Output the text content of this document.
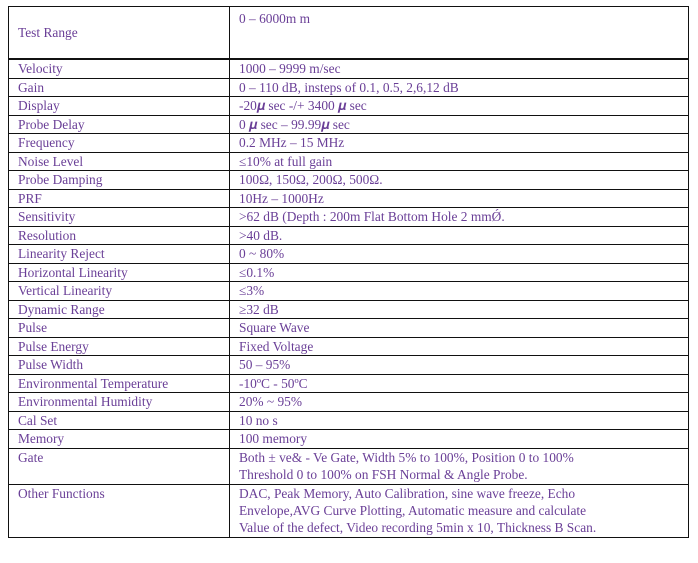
Test Range	0 – 6000m m

Velocity	1000 – 9999 m/sec

Gain	0 – 110 dB, insteps of 0.1, 0.5, 2,6,12 dB

Display	-20𝝁 sec -/+ 3400 𝝁 sec

Probe Delay	0 𝝁 sec – 99.99𝝁 sec

Frequency	0.2 MHz – 15 MHz

Noise Level	≤10% at full gain

Probe Damping	100Ω, 150Ω, 200Ω, 500Ω.

PRF	10Hz – 1000Hz

Sensitivity	>62 dB (Depth : 200m Flat Bottom Hole 2 mmǾ.

Resolution	>40 dB.

Linearity Reject	0 ~ 80%

Horizontal Linearity	≤0.1%

Vertical Linearity	≤3%

Dynamic Range	≥32 dB

Pulse	Square Wave

Pulse Energy	Fixed Voltage

Pulse Width	50 – 95%

Environmental Temperature	-10ºC - 50ºC

Environmental Humidity	20% ~ 95%

Cal Set	10 no s

Memory	100 memory

Gate	Both ± ve& - Ve Gate, Width 5% to 100%, Position 0 to 100%
Threshold 0 to 100% on FSH Normal & Angle Probe.

Other Functions	DAC, Peak Memory, Auto Calibration, sine wave freeze, Echo
Envelope,AVG Curve Plotting, Automatic measure and calculate
Value of the defect, Video recording 5min x 10, Thickness B Scan.
